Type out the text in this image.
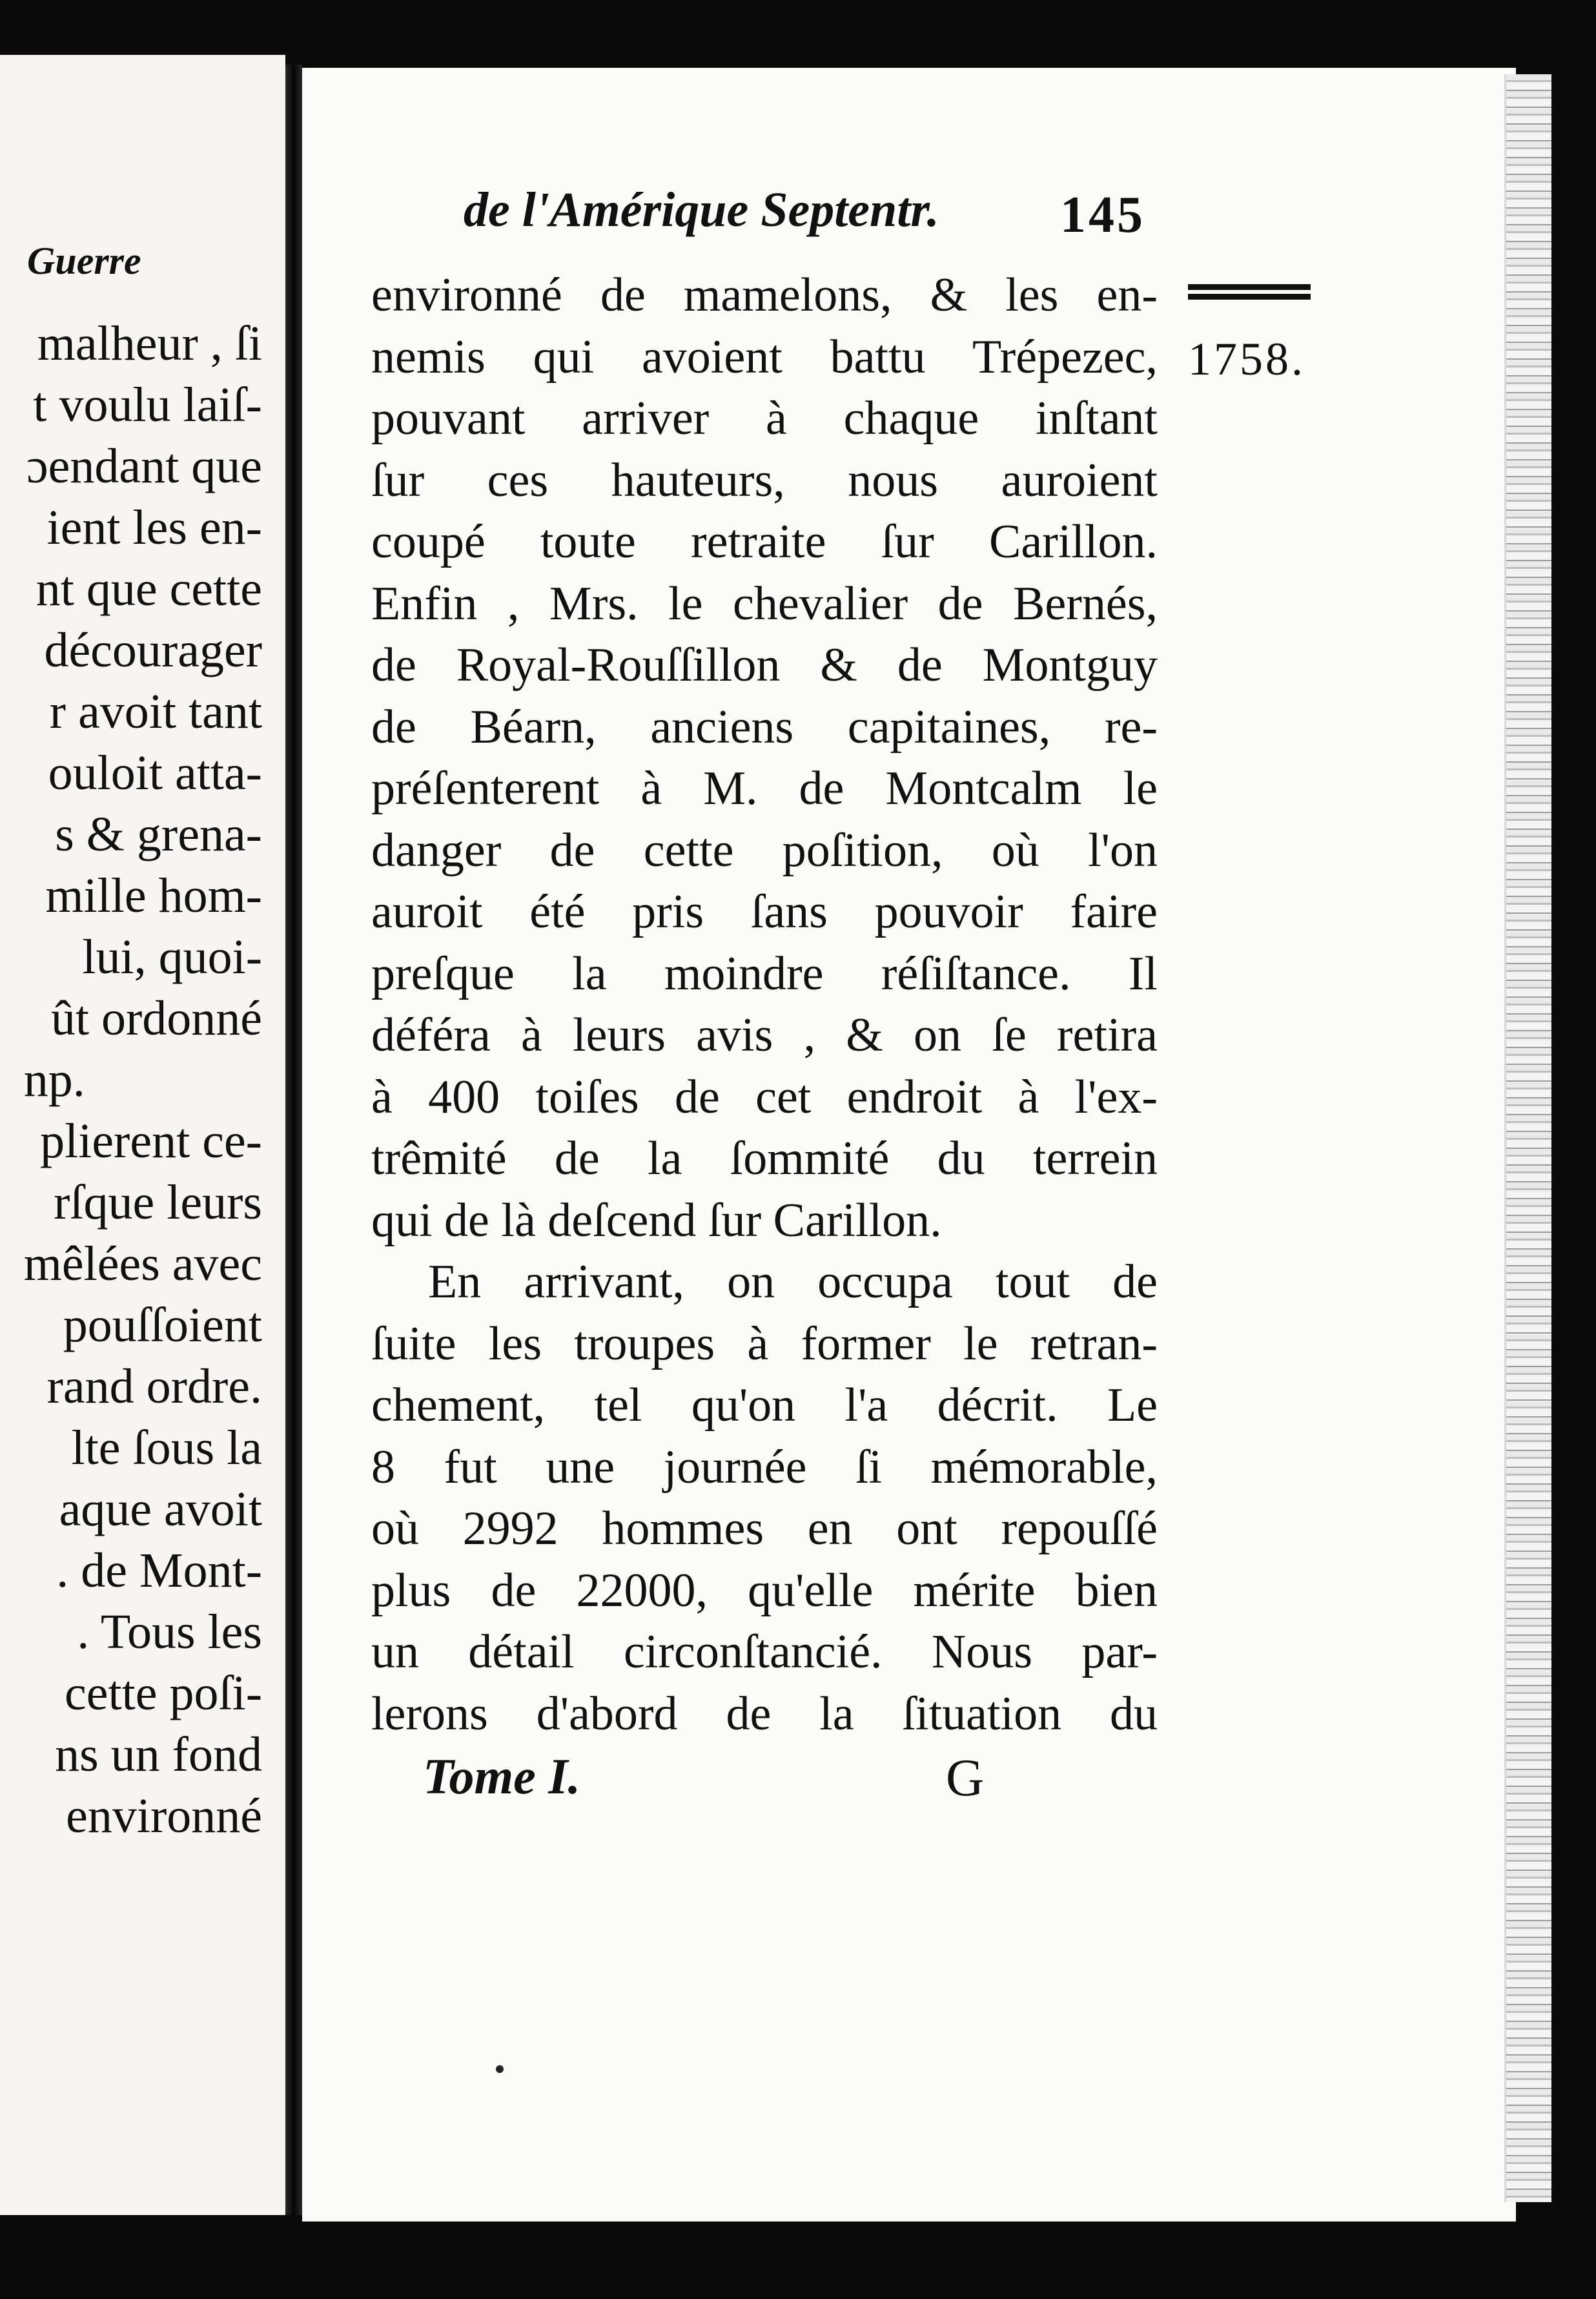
Guerre
malheur , ſi
t voulu laiſ-
ɔendant que
ient les en-
nt que cette
décourager
r avoit tant
ouloit atta-
s & grena-
mille hom-
lui, quoi-
ût ordonné
np.
plierent ce-
rſque leurs
mêlées avec
pouſſoient
rand ordre.
lte ſous la
aque avoit
. de Mont-
. Tous les
cette poſi-
ns un fond
environné
de l'Amérique Septentr. 145
1758.
environné de mamelons, & les en-
nemis qui avoient battu Trépezec,
pouvant arriver à chaque inſtant
ſur ces hauteurs, nous auroient
coupé toute retraite ſur Carillon.
Enfin , Mrs. le chevalier de Bernés,
de Royal-Rouſſillon & de Montguy
de Béarn, anciens capitaines, re-
préſenterent à M. de Montcalm le
danger de cette poſition, où l'on
auroit été pris ſans pouvoir faire
preſque la moindre réſiſtance. Il
déféra à leurs avis , & on ſe retira
à 400 toiſes de cet endroit à l'ex-
trêmité de la ſommité du terrein
qui de là deſcend ſur Carillon.
En arrivant, on occupa tout de
ſuite les troupes à former le retran-
chement, tel qu'on l'a décrit. Le
8 fut une journée ſi mémorable,
où 2992 hommes en ont repouſſé
plus de 22000, qu'elle mérite bien
un détail circonſtancié. Nous par-
lerons d'abord de la ſituation du
Tome I.	G
